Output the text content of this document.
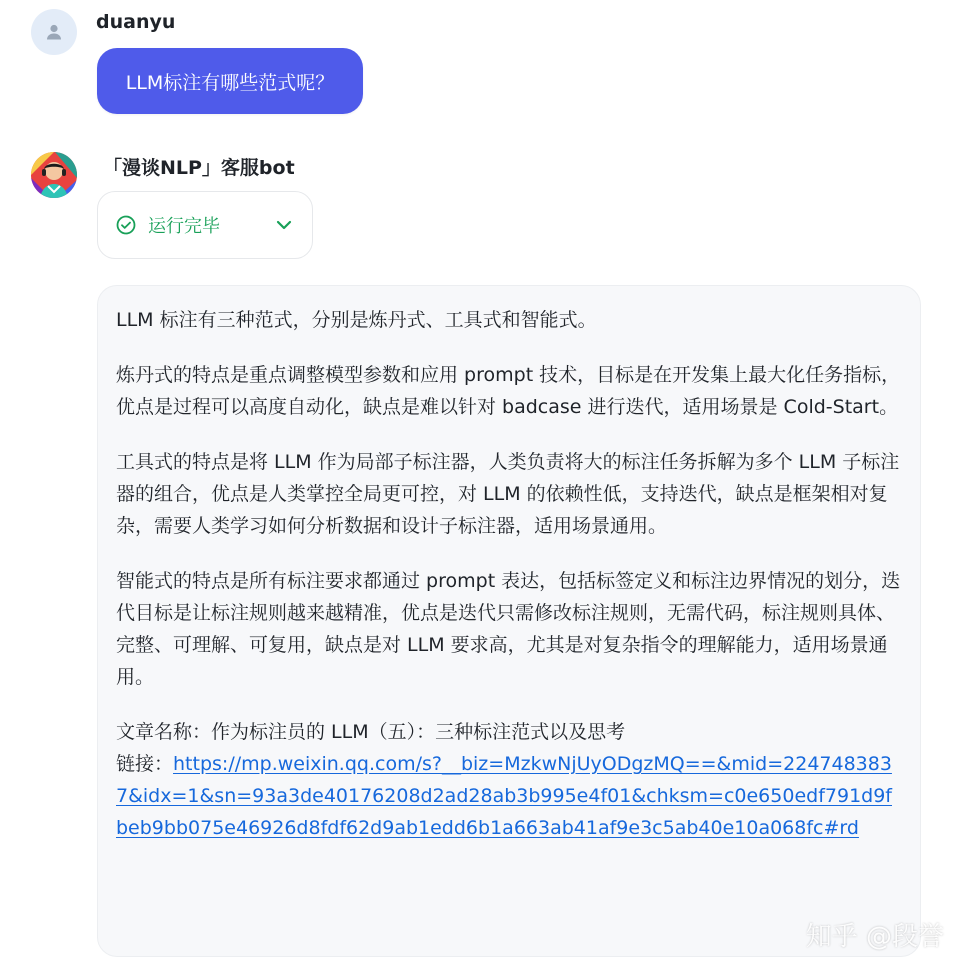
duanyu
LLM标注有哪些范式呢？
「漫谈NLP」客服bot
运行完毕

LLM 标注有三种范式，分别是炼丹式、工具式和智能式。

炼丹式的特点是重点调整模型参数和应用 prompt 技术，目标是在开发集上最大化任务指标，优点是过程可以高度自动化，缺点是难以针对 badcase 进行迭代，适用场景是 Cold-Start。

工具式的特点是将 LLM 作为局部子标注器，人类负责将大的标注任务拆解为多个 LLM 子标注器的组合，优点是人类掌控全局更可控，对 LLM 的依赖性低，支持迭代，缺点是框架相对复杂，需要人类学习如何分析数据和设计子标注器，适用场景通用。

智能式的特点是所有标注要求都通过 prompt 表达，包括标签定义和标注边界情况的划分，迭代目标是让标注规则越来越精准，优点是迭代只需修改标注规则，无需代码，标注规则具体、完整、可理解、可复用，缺点是对 LLM 要求高，尤其是对复杂指令的理解能力，适用场景通用。

文章名称：作为标注员的 LLM（五）：三种标注范式以及思考

链接：https://mp.weixin.qq.com/s?__biz=MzkwNjUyODgzMQ==&mid=2247483837&idx=1&sn=93a3de40176208d2ad28ab3b995e4f01&chksm=c0e650edf791d9fbeb9bb075e46926d8fdf62d9ab1edd6b1a663ab41af9e3c5ab40e10a068fc#rd

知乎 @段誉
